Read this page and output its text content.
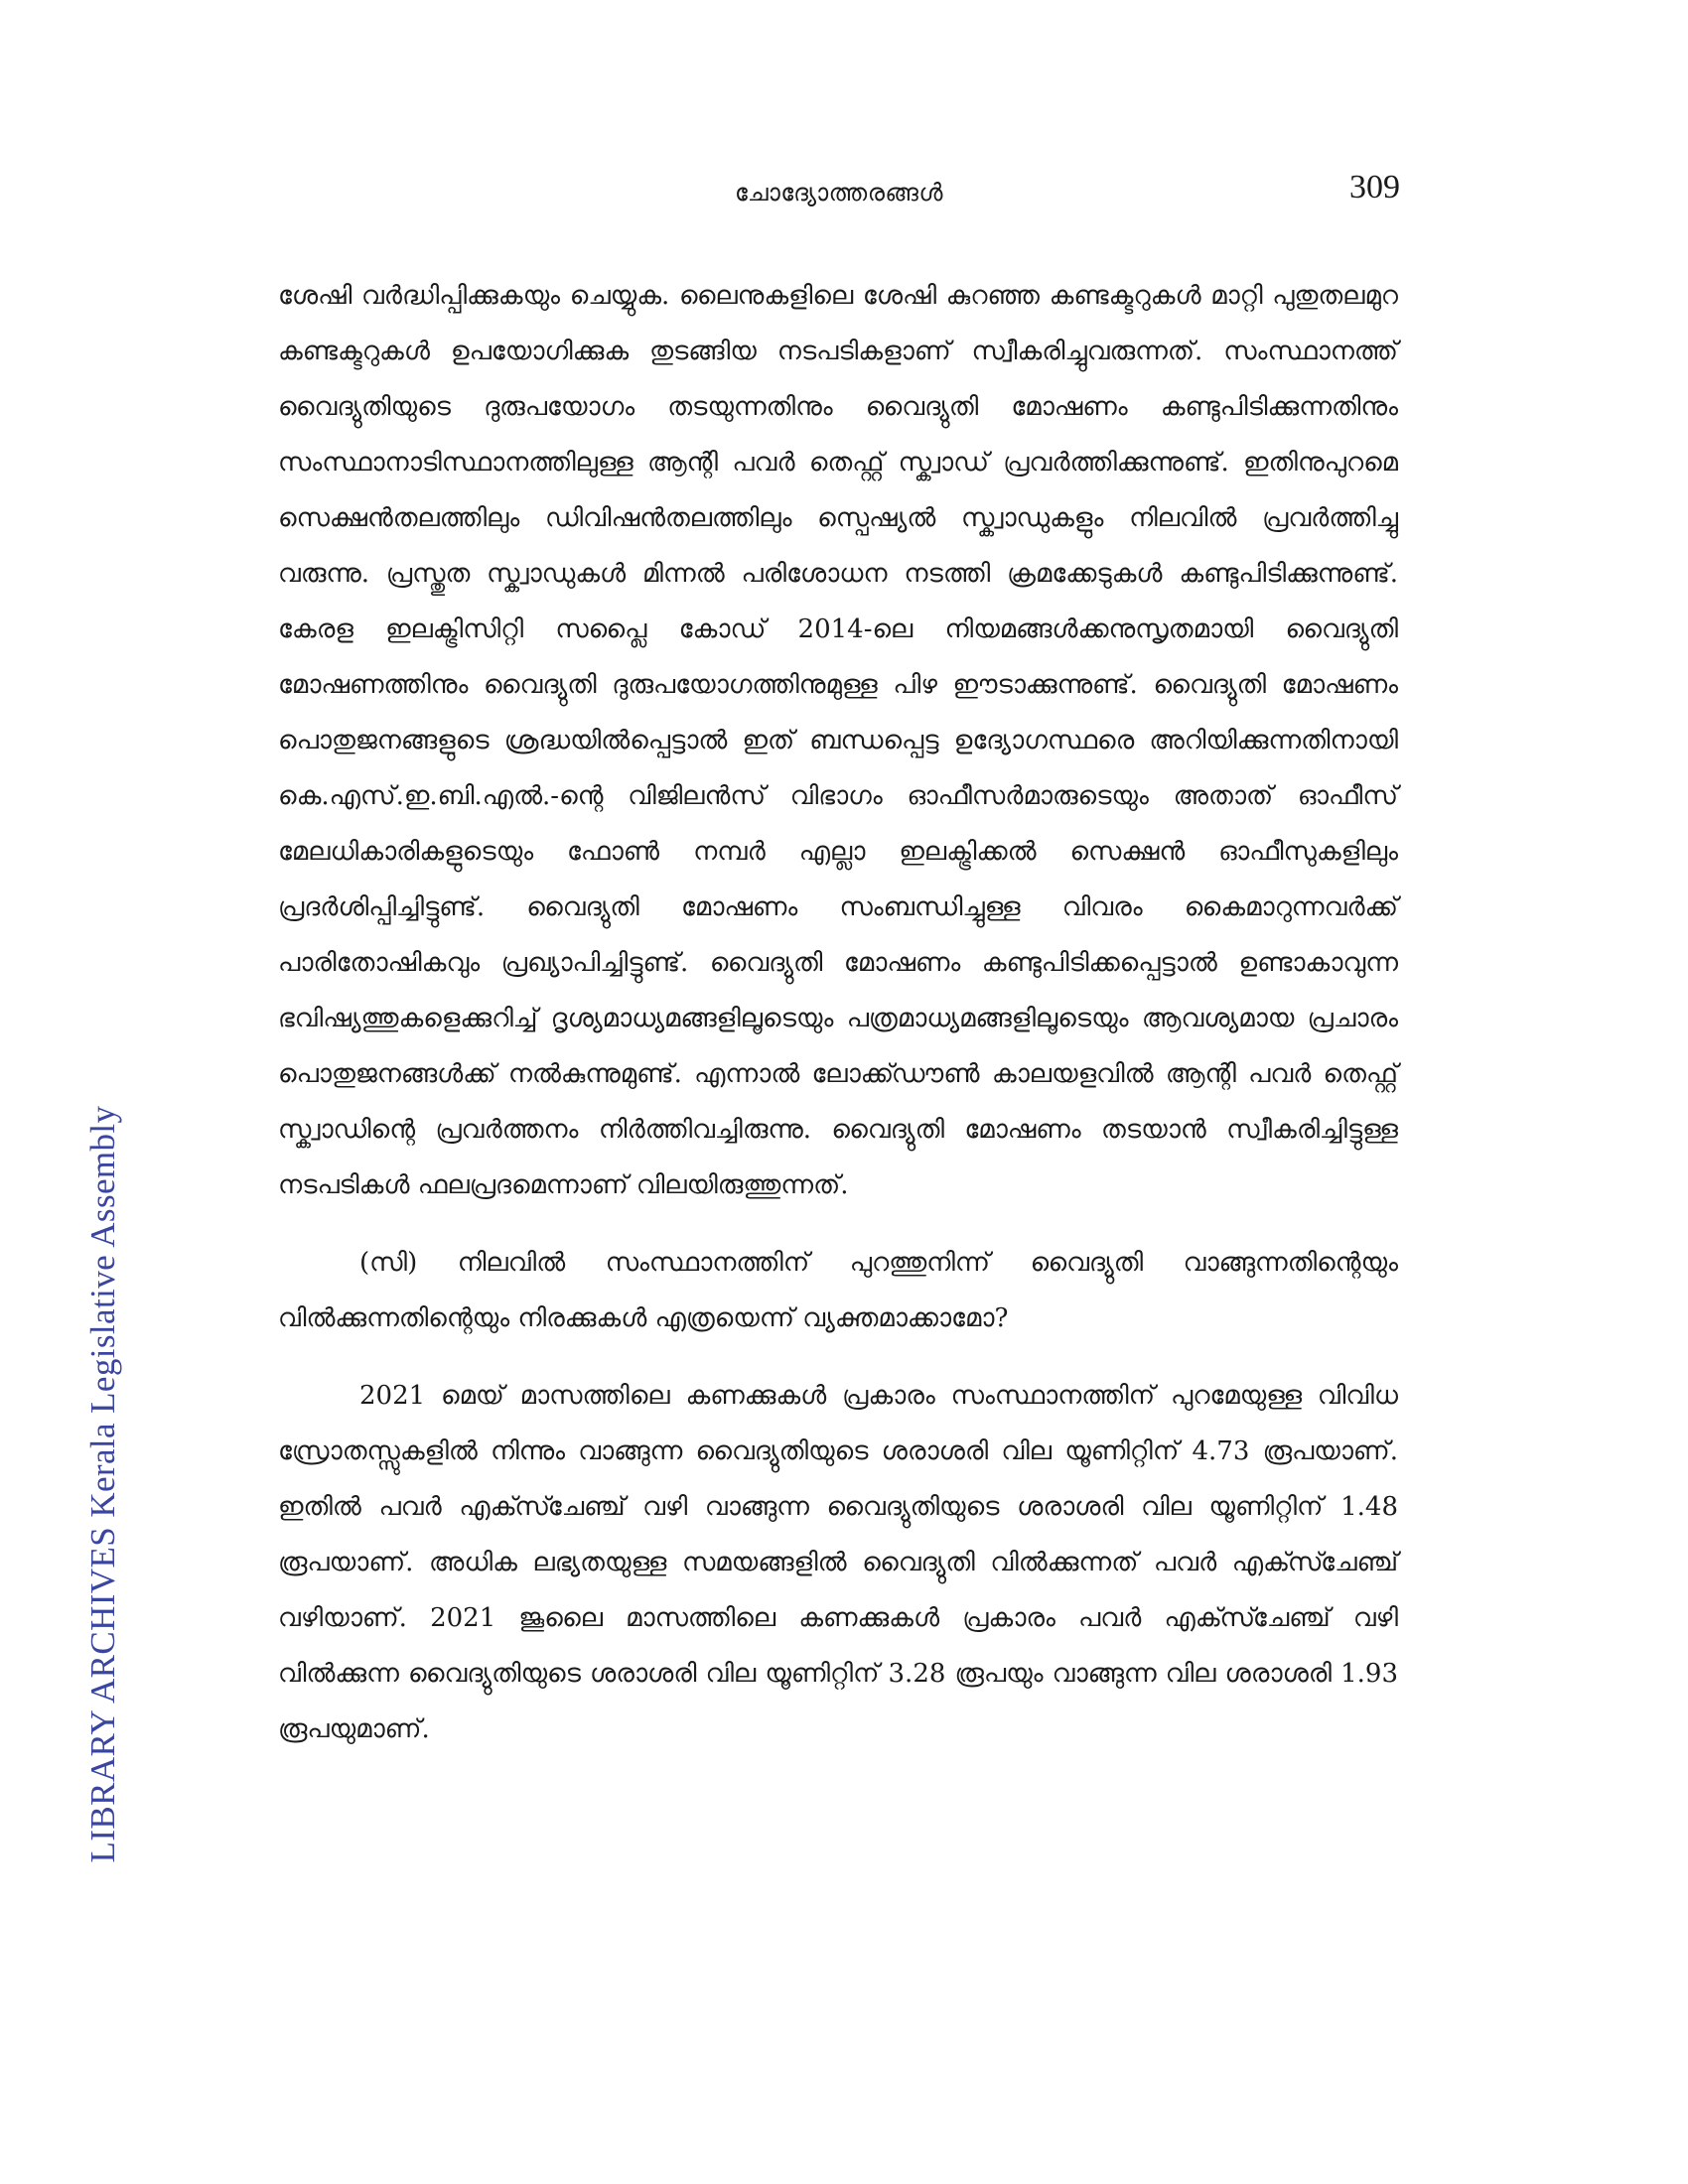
ചോദ്യോത്തരങ്ങൾ	309
LIBRARY ARCHIVES Kerala Legislative Assembly

ശേഷി വർദ്ധിപ്പിക്കുകയും ചെയ്യുക. ലൈനുകളിലെ ശേഷി കുറഞ്ഞ കണ്ടക്ടറുകൾ മാറ്റി പുതുതലമുറ കണ്ടക്ടറുകൾ ഉപയോഗിക്കുക തുടങ്ങിയ നടപടികളാണ് സ്വീകരിച്ചുവരുന്നത്. സംസ്ഥാനത്ത് വൈദ്യുതിയുടെ ദുരുപയോഗം തടയുന്നതിനും വൈദ്യുതി മോഷണം കണ്ടുപിടിക്കുന്നതിനും സംസ്ഥാനാടിസ്ഥാനത്തിലുള്ള ആന്റി പവർ തെഫ്റ്റ് സ്ക്വാഡ് പ്രവർത്തിക്കുന്നുണ്ട്. ഇതിനുപുറമെ സെക്ഷൻതലത്തിലും ഡിവിഷൻതലത്തിലും സ്പെഷ്യൽ സ്ക്വാഡുകളും നിലവിൽ പ്രവർത്തിച്ചു വരുന്നു. പ്രസ്തുത സ്ക്വാഡുകൾ മിന്നൽ പരിശോധന നടത്തി ക്രമക്കേടുകൾ കണ്ടുപിടിക്കുന്നുണ്ട്. കേരള ഇലക്ട്രിസിറ്റി സപ്ലൈ കോഡ് 2014-ലെ നിയമങ്ങൾക്കനുസൃതമായി വൈദ്യുതി മോഷണത്തിനും വൈദ്യുതി ദുരുപയോഗത്തിനുമുള്ള പിഴ ഈടാക്കുന്നുണ്ട്. വൈദ്യുതി മോഷണം പൊതുജനങ്ങളുടെ ശ്രദ്ധയിൽപ്പെട്ടാൽ ഇത് ബന്ധപ്പെട്ട ഉദ്യോഗസ്ഥരെ അറിയിക്കുന്നതിനായി കെ.എസ്.ഇ.ബി.എൽ.-ന്റെ വിജിലൻസ് വിഭാഗം ഓഫീസർമാരുടെയും അതാത് ഓഫീസ് മേലധികാരികളുടെയും ഫോൺ നമ്പർ എല്ലാ ഇലക്ട്രിക്കൽ സെക്ഷൻ ഓഫീസുകളിലും പ്രദർശിപ്പിച്ചിട്ടുണ്ട്. വൈദ്യുതി മോഷണം സംബന്ധിച്ചുള്ള വിവരം കൈമാറുന്നവർക്ക് പാരിതോഷികവും പ്രഖ്യാപിച്ചിട്ടുണ്ട്. വൈദ്യുതി മോഷണം കണ്ടുപിടിക്കപ്പെട്ടാൽ ഉണ്ടാകാവുന്ന ഭവിഷ്യത്തുകളെക്കുറിച്ച് ദൃശ്യമാധ്യമങ്ങളിലൂടെയും പത്രമാധ്യമങ്ങളിലൂടെയും ആവശ്യമായ പ്രചാരം പൊതുജനങ്ങൾക്ക് നൽകുന്നുമുണ്ട്. എന്നാൽ ലോക്ക്ഡൗൺ കാലയളവിൽ ആന്റി പവർ തെഫ്റ്റ് സ്ക്വാഡിന്റെ പ്രവർത്തനം നിർത്തിവച്ചിരുന്നു. വൈദ്യുതി മോഷണം തടയാൻ സ്വീകരിച്ചിട്ടുള്ള നടപടികൾ ഫലപ്രദമെന്നാണ് വിലയിരുത്തുന്നത്.

(സി) നിലവിൽ സംസ്ഥാനത്തിന് പുറത്തുനിന്ന് വൈദ്യുതി വാങ്ങുന്നതിന്റെയും വിൽക്കുന്നതിന്റെയും നിരക്കുകൾ എത്രയെന്ന് വ്യക്തമാക്കാമോ?

2021 മെയ് മാസത്തിലെ കണക്കുകൾ പ്രകാരം സംസ്ഥാനത്തിന് പുറമേയുള്ള വിവിധ സ്രോതസ്സുകളിൽ നിന്നും വാങ്ങുന്ന വൈദ്യുതിയുടെ ശരാശരി വില യൂണിറ്റിന് 4.73 രൂപയാണ്. ഇതിൽ പവർ എക്സ്ചേഞ്ച് വഴി വാങ്ങുന്ന വൈദ്യുതിയുടെ ശരാശരി വില യൂണിറ്റിന് 1.48 രൂപയാണ്. അധിക ലഭ്യതയുള്ള സമയങ്ങളിൽ വൈദ്യുതി വിൽക്കുന്നത് പവർ എക്സ്ചേഞ്ച് വഴിയാണ്. 2021 ജൂലൈ മാസത്തിലെ കണക്കുകൾ പ്രകാരം പവർ എക്സ്ചേഞ്ച് വഴി വിൽക്കുന്ന വൈദ്യുതിയുടെ ശരാശരി വില യൂണിറ്റിന് 3.28 രൂപയും വാങ്ങുന്ന വില ശരാശരി 1.93 രൂപയുമാണ്.
